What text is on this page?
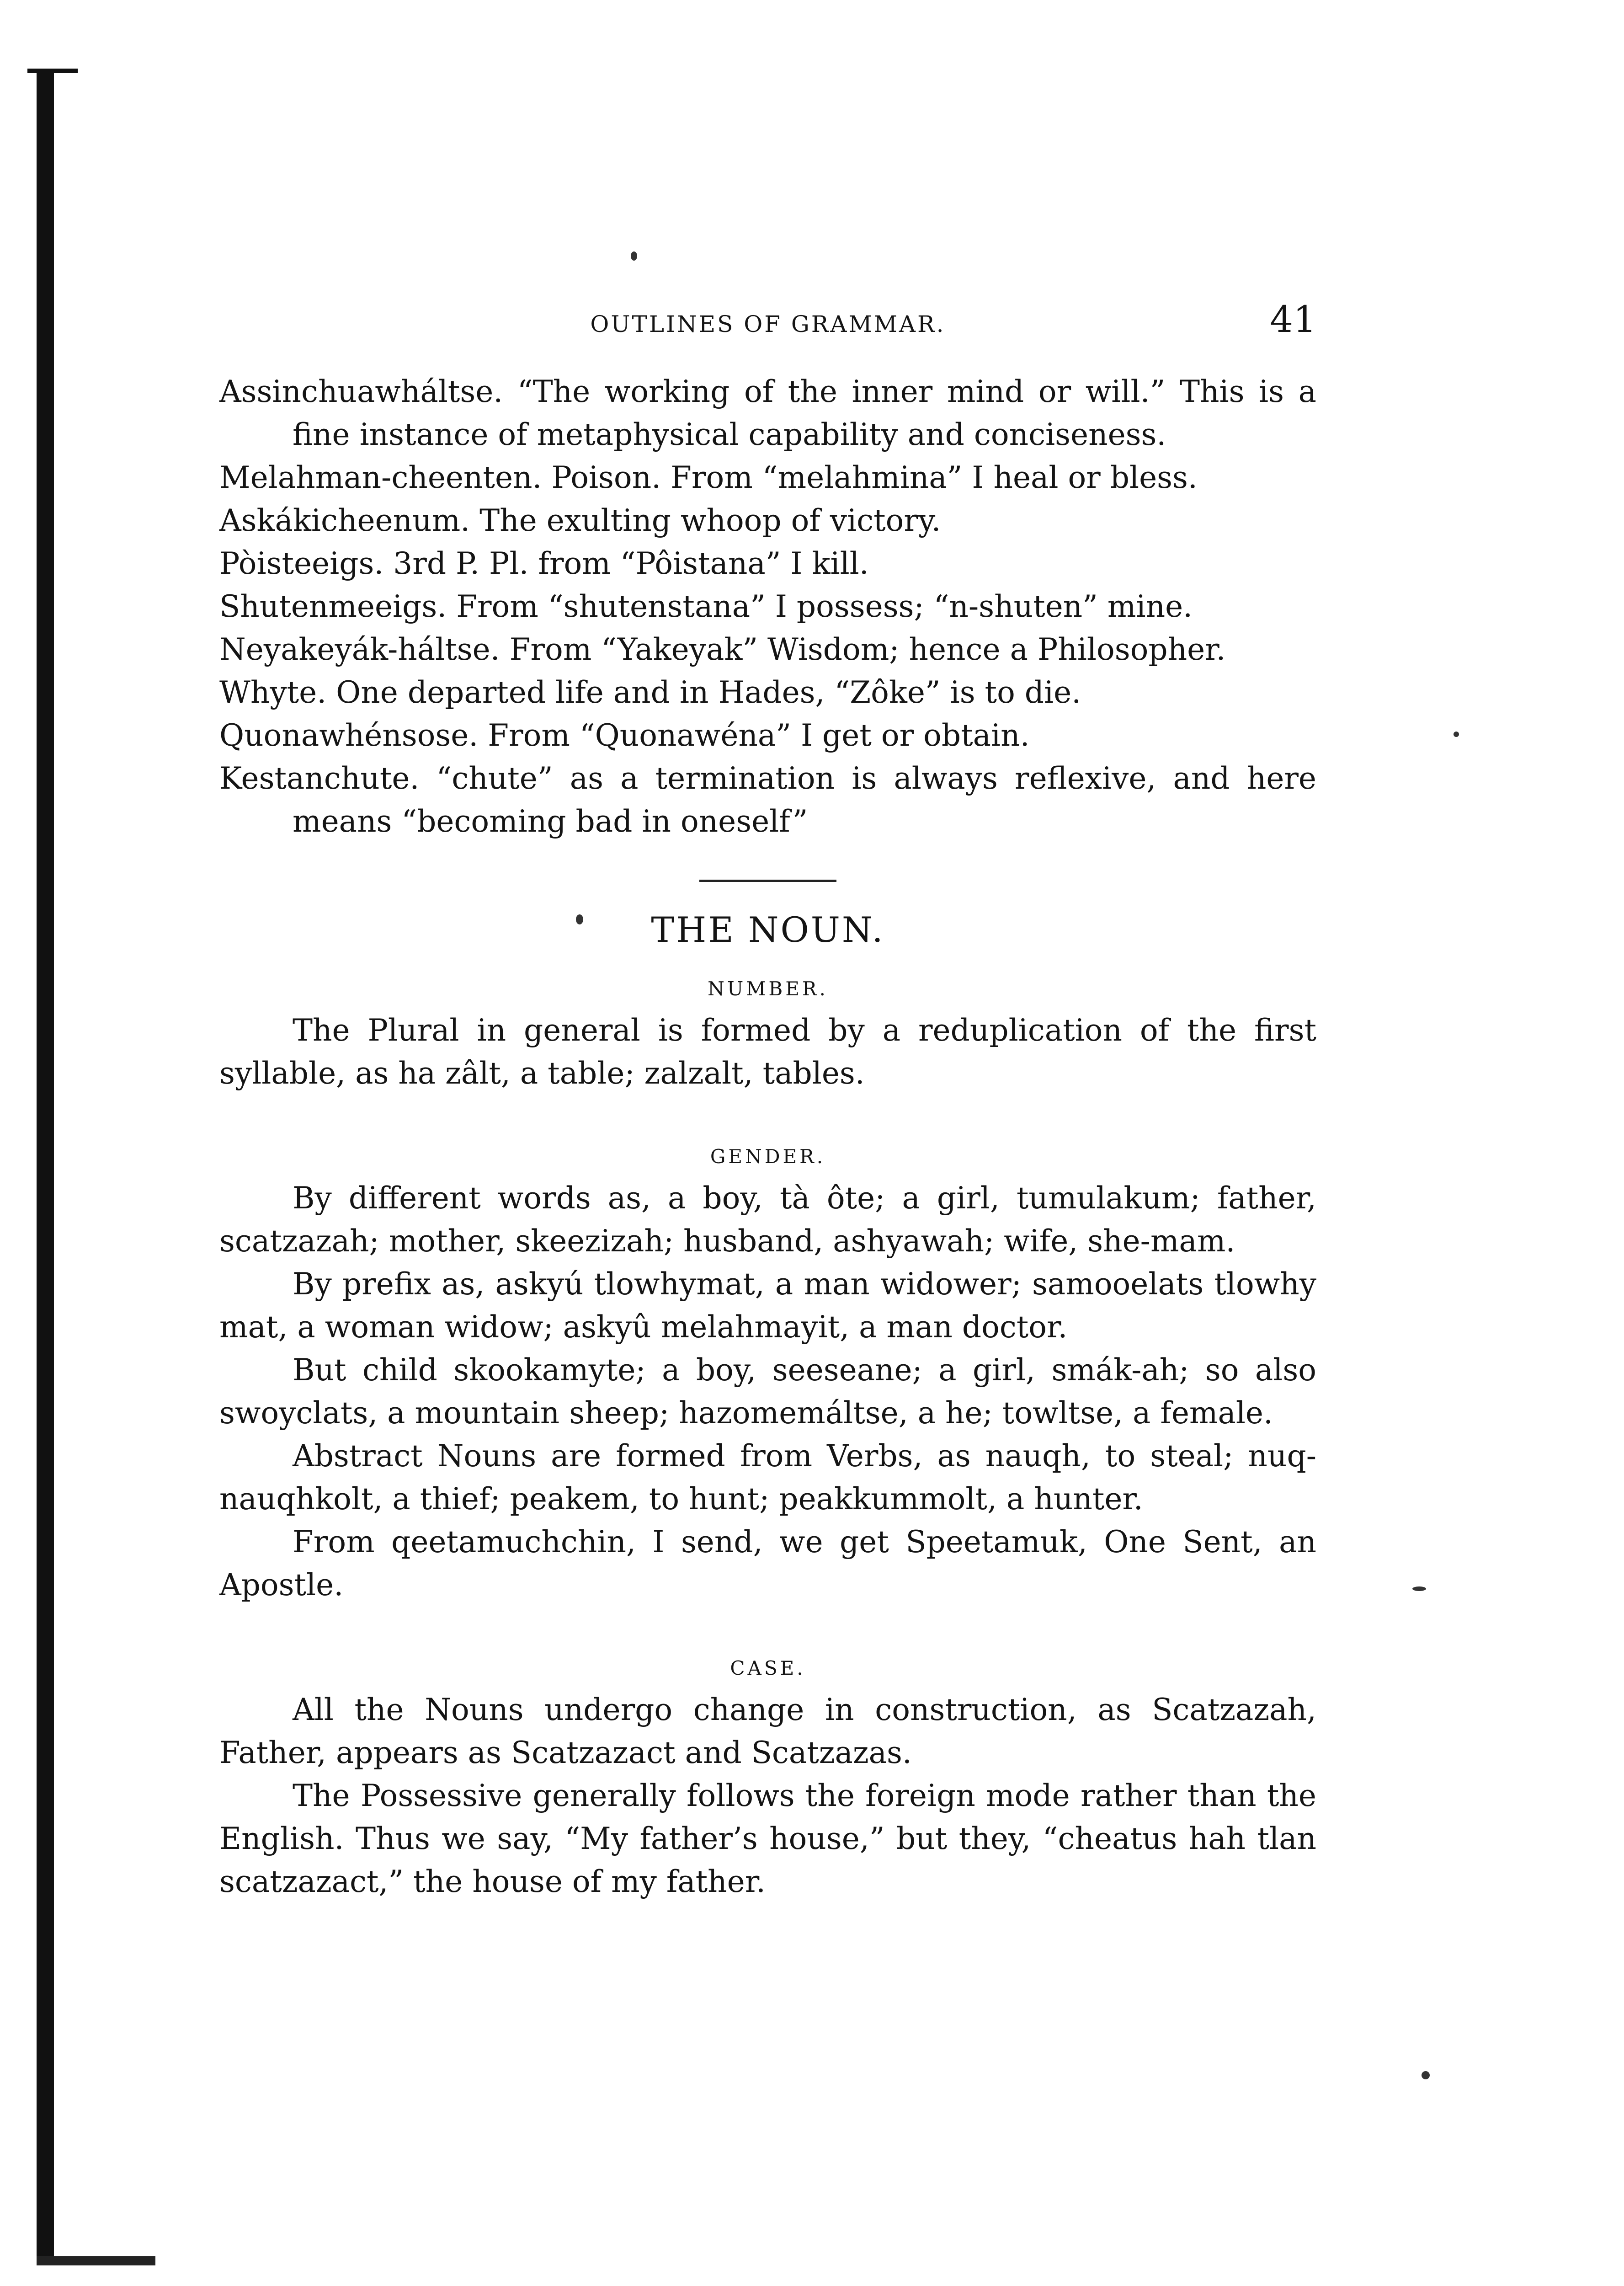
OUTLINES OF GRAMMAR.	41
Assinchuawháltse. “The working of the inner mind or will.” This is a fine instance of metaphysical capability and conciseness.
Melahman-cheenten. Poison. From “melahmina” I heal or bless.
Askákicheenum. The exulting whoop of victory.
Pòisteeigs. 3rd P. Pl. from “Pôistana” I kill.
Shutenmeeigs. From “shutenstana” I possess; “n-shuten” mine.
Neyakeyák-háltse. From “Yakeyak” Wisdom; hence a Philosopher.
Whyte. One departed life and in Hades, “Zôke” is to die.
Quonawhénsose. From “Quonawéna” I get or obtain.
Kestanchute. “chute” as a termination is always reflexive, and here means “becoming bad in oneself”
THE NOUN.
NUMBER.

The Plural in general is formed by a reduplication of the first syllable, as ha zâlt, a table; zalzalt, tables.

GENDER.

By different words as, a boy, tà ôte; a girl, tumulakum; father, scatzazah; mother, skeezizah; husband, ashyawah; wife, she-mam.

By prefix as, askyú tlowhymat, a man widower; samooelats tlowhy mat, a woman widow; askyû melahmayit, a man doctor.

But child skookamyte; a boy, seeseane; a girl, smák-ah; so also swoyclats, a mountain sheep; hazomemáltse, a he; towltse, a female.

Abstract Nouns are formed from Verbs, as nauqh, to steal; nuq-nauqhkolt, a thief; peakem, to hunt; peakkummolt, a hunter.

From qeetamuchchin, I send, we get Speetamuk, One Sent, an Apostle.

CASE.

All the Nouns undergo change in construction, as Scatzazah, Father, appears as Scatzazact and Scatzazas.

The Possessive generally follows the foreign mode rather than the English. Thus we say, “My father’s house,” but they, “cheatus hah tlan scatzazact,” the house of my father.
